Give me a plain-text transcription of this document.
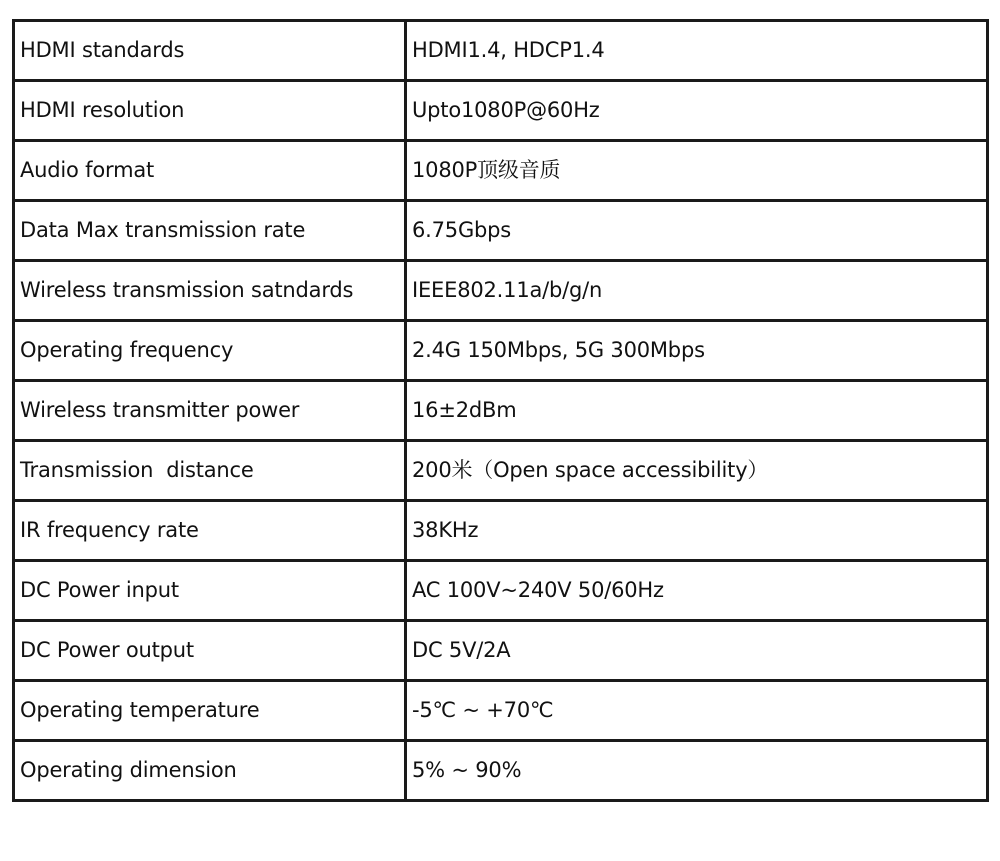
HDMI standards	HDMI1.4, HDCP1.4
HDMI resolution	Upto1080P@60Hz
Audio format	1080P顶级音质
Data Max transmission rate	6.75Gbps
Wireless transmission satndards	IEEE802.11a/b/g/n
Operating frequency	2.4G 150Mbps, 5G 300Mbps
Wireless transmitter power	16±2dBm
Transmission  distance	200米（Open space accessibility）
IR frequency rate	38KHz
DC Power input	AC 100V~240V 50/60Hz
DC Power output	DC 5V/2A
Operating temperature	-5℃ ~ +70℃
Operating dimension	5% ~ 90%
